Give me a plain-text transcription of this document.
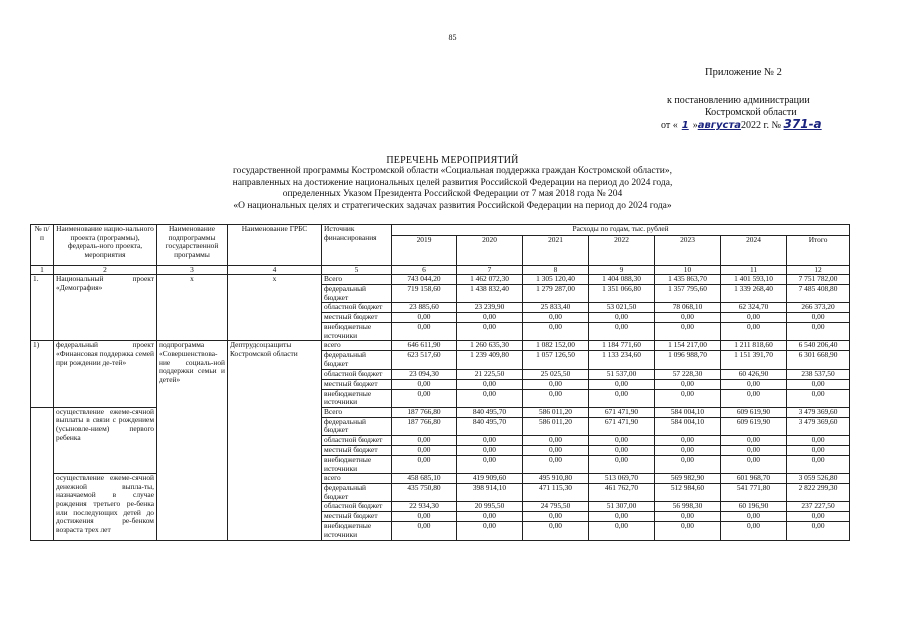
85
Приложение № 2
к постановлению администрации
Костромской области
от « 1 »августа2022 г. № 371-а
ПЕРЕЧЕНЬ МЕРОПРИЯТИЙ
государственной программы Костромской области «Социальная поддержка граждан Костромской области»,
направленных на достижение национальных целей развития Российской Федерации на период до 2024 года,
определенных Указом Президента Российской Федерации от 7 мая 2018 года № 204
«О национальных целях и стратегических задачах развития Российской Федерации на период до 2024 года»
№ п/п	Наименование нацио-нального проекта (программы), федераль-ного проекта, мероприятия	Наименование подпрограммы государственной программы	Наименование ГРБС	Источник финансирования	Расходы по годам, тыс. рублей						
					2019	2020	2021	2022	2023	2024	Итого
1	2	3	4	5	6	7	8	9	10	11	12
1.	Национальный проект «Демография»	х	х	Всего	743 044,20	1 462 072,30	1 305 120,40	1 404 088,30	1 435 863,70	1 401 593,10	7 751 782,00
				федеральный бюджет	719 158,60	1 438 832,40	1 279 287,00	1 351 066,80	1 357 795,60	1 339 268,40	7 485 408,80
				областной бюджет	23 885,60	23 239,90	25 833,40	53 021,50	78 068,10	62 324,70	266 373,20
				местный бюджет	0,00	0,00	0,00	0,00	0,00	0,00	0,00
				внебюджетные источники	0,00	0,00	0,00	0,00	0,00	0,00	0,00
1)	федеральный проект «Финансовая поддержка семей при рождении де-тей»	подпрограмма «Совершенствова-ние социаль-ной поддержки семьи и детей»	Дептрудсоцзащиты Костромской области	всего	646 611,90	1 260 635,30	1 082 152,00	1 184 771,60	1 154 217,00	1 211 818,60	6 540 206,40
				федеральный бюджет	623 517,60	1 239 409,80	1 057 126,50	1 133 234,60	1 096 988,70	1 151 391,70	6 301 668,90
				областной бюджет	23 094,30	21 225,50	25 025,50	51 537,00	57 228,30	60 426,90	238 537,50
				местный бюджет	0,00	0,00	0,00	0,00	0,00	0,00	0,00
				внебюджетные источники	0,00	0,00	0,00	0,00	0,00	0,00	0,00
	осуществление ежеме-сячной выплаты в связи с рождением (усыновле-нием) первого ребенка			Всего	187 766,80	840 495,70	586 011,20	671 471,90	584 004,10	609 619,90	3 479 369,60
				федеральный бюджет	187 766,80	840 495,70	586 011,20	671 471,90	584 004,10	609 619,90	3 479 369,60
				областной бюджет	0,00	0,00	0,00	0,00	0,00	0,00	0,00
				местный бюджет	0,00	0,00	0,00	0,00	0,00	0,00	0,00
				внебюджетные источники	0,00	0,00	0,00	0,00	0,00	0,00	0,00
	осуществление ежеме-сячной денежной выпла-ты, назначаемой в случае рождения третьего ре-бенка или последующих детей до достижения ре-бенком возраста трех лет			всего	458 685,10	419 909,60	495 910,80	513 069,70	569 982,90	601 968,70	3 059 526,80
				федеральный бюджет	435 750,80	398 914,10	471 115,30	461 762,70	512 984,60	541 771,80	2 822 299,30
				областной бюджет	22 934,30	20 995,50	24 795,50	51 307,00	56 998,30	60 196,90	237 227,50
				местный бюджет	0,00	0,00	0,00	0,00	0,00	0,00	0,00
				внебюджетные источники	0,00	0,00	0,00	0,00	0,00	0,00	0,00
